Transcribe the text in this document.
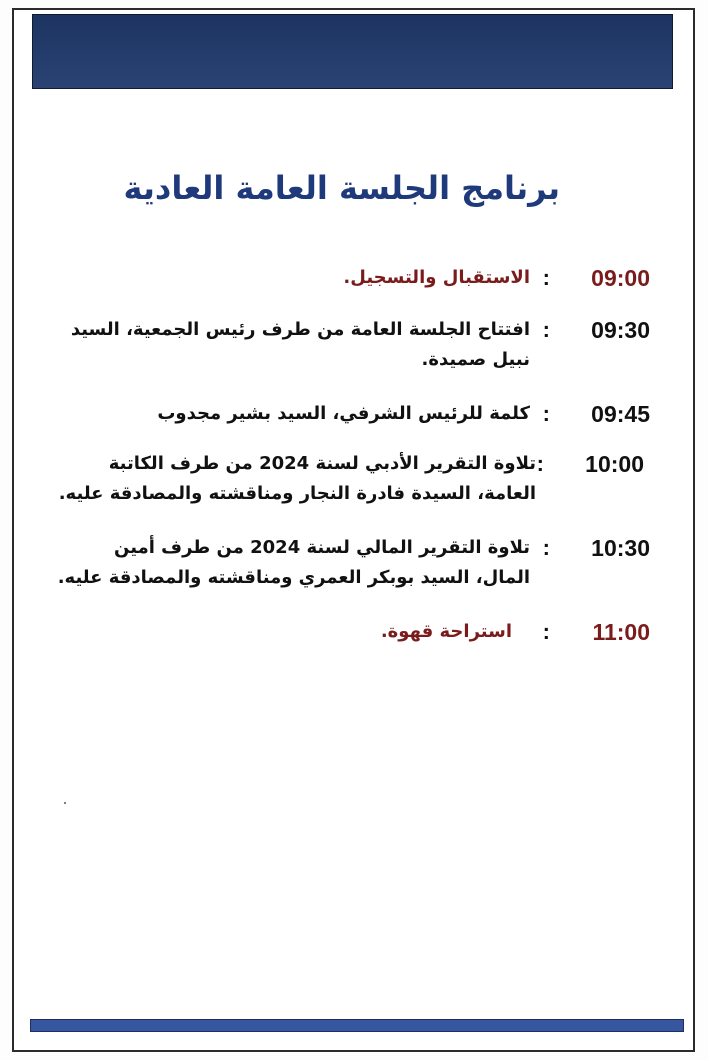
برنامج الجلسة العامة العادية
09:00
:
الاستقبال والتسجيل.
09:30
:
افتتاح الجلسة العامة من طرف رئيس الجمعية، السيد
نبيل صميدة.
09:45
:
كلمة للرئيس الشرفي، السيد بشير مجدوب
10:00
:
تلاوة التقرير الأدبي لسنة 2024 من طرف الكاتبة
العامة، السيدة فادرة النجار ومناقشته والمصادقة عليه.
10:30
:
تلاوة التقرير المالي لسنة 2024 من طرف أمين
المال، السيد بوبكر العمري ومناقشته والمصادقة عليه.
11:00
:
استراحة قهوة.
